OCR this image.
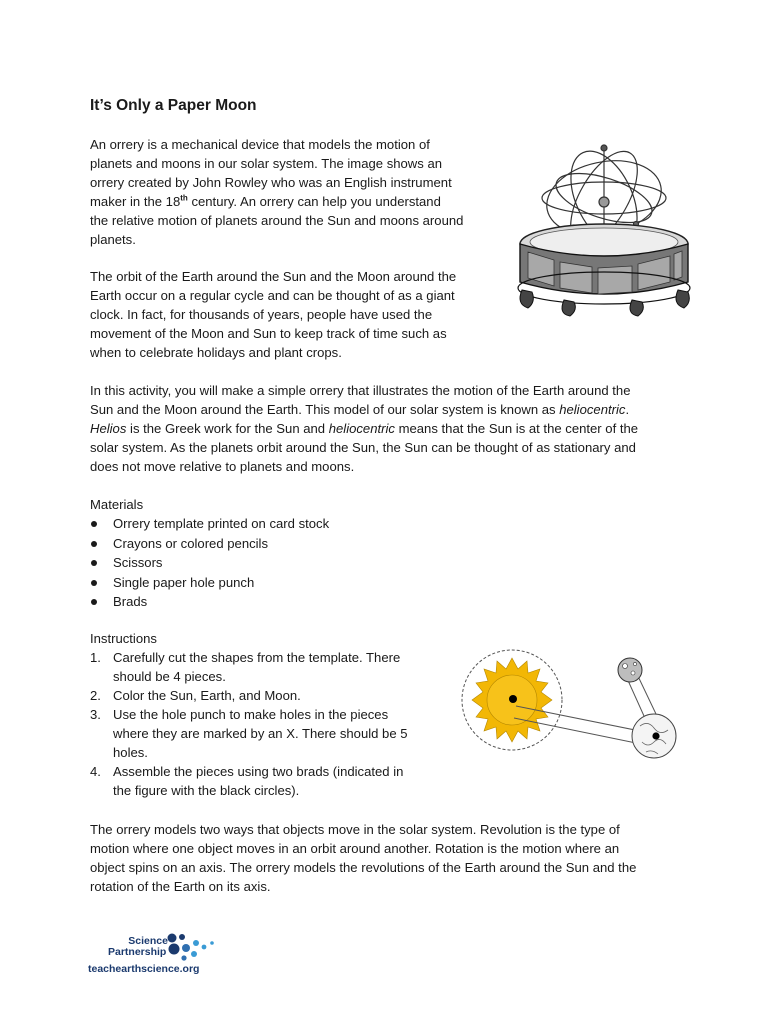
It’s Only a Paper Moon

An orrery is a mechanical device that models the motion of
planets and moons in our solar system. The image shows an
orrery created by John Rowley who was an English instrument
maker in the 18th century. An orrery can help you understand
the relative motion of planets around the Sun and moons around
planets.

The orbit of the Earth around the Sun and the Moon around the
Earth occur on a regular cycle and can be thought of as a giant
clock. In fact, for thousands of years, people have used the
movement of the Moon and Sun to keep track of time such as
when to celebrate holidays and plant crops.

In this activity, you will make a simple orrery that illustrates the motion of the Earth around the
Sun and the Moon around the Earth. This model of our solar system is known as heliocentric.
Helios is the Greek work for the Sun and heliocentric means that the Sun is at the center of the
solar system. As the planets orbit around the Sun, the Sun can be thought of as stationary and
does not move relative to planets and moons.

Materials

Orrery template printed on card stock
Crayons or colored pencils
Scissors
Single paper hole punch
Brads

Instructions

1. Carefully cut the shapes from the template. There
should be 4 pieces.
2. Color the Sun, Earth, and Moon.
3. Use the hole punch to make holes in the pieces
where they are marked by an X. There should be 5
holes.
4. Assemble the pieces using two brads (indicated in
the figure with the black circles).

The orrery models two ways that objects move in the solar system. Revolution is the type of
motion where one object moves in an orbit around another. Rotation is the motion where an
object spins on an axis. The orrery models the revolutions of the Earth around the Sun and the
rotation of the Earth on its axis.

Science
Partnership

teachearthscience.org
